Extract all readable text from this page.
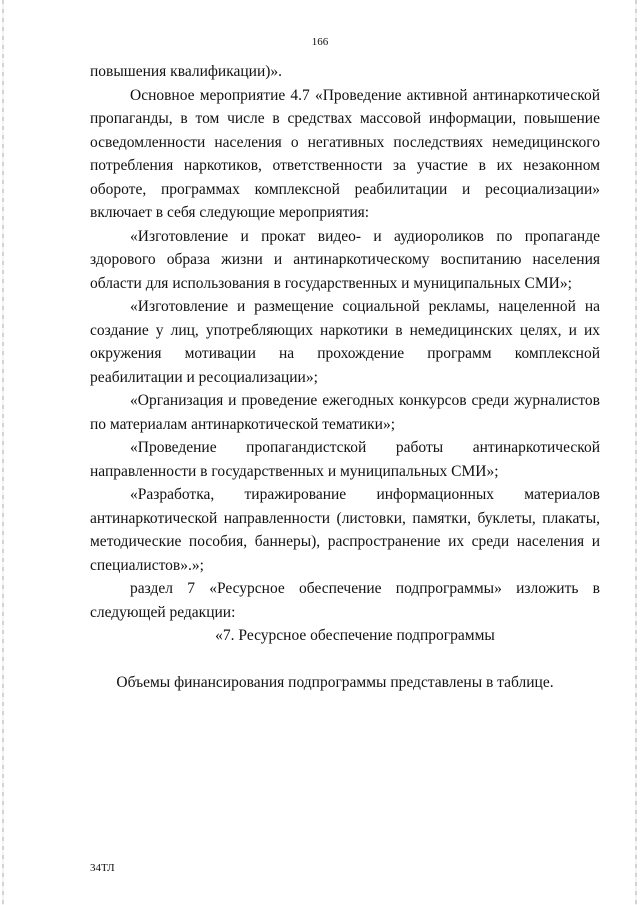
166

повышения квалификации)».

Основное мероприятие 4.7 «Проведение активной антинаркотической пропаганды, в том числе в средствах массовой информации, повышение осведомленности населения о негативных последствиях немедицинского потребления наркотиков, ответственности за участие в их незаконном обороте, программах комплексной реабилитации и ресоциализации» включает в себя следующие мероприятия:

«Изготовление и прокат видео- и аудиороликов по пропаганде здорового образа жизни и антинаркотическому воспитанию населения области для использования в государственных и муниципальных СМИ»;

«Изготовление и размещение социальной рекламы, нацеленной на создание у лиц, употребляющих наркотики в немедицинских целях, и их окружения мотивации на прохождение программ комплексной реабилитации и ресоциализации»;

«Организация и проведение ежегодных конкурсов среди журналистов по материалам антинаркотической тематики»;

«Проведение пропагандистской работы антинаркотической направленности в государственных и муниципальных СМИ»;

«Разработка, тиражирование информационных материалов антинаркотической направленности (листовки, памятки, буклеты, плакаты, методические пособия, баннеры), распространение их среди населения и специалистов».»;

раздел 7 «Ресурсное обеспечение подпрограммы» изложить в следующей редакции:

«7. Ресурсное обеспечение подпрограммы

Объемы финансирования подпрограммы представлены в таблице.

34ТЛ
